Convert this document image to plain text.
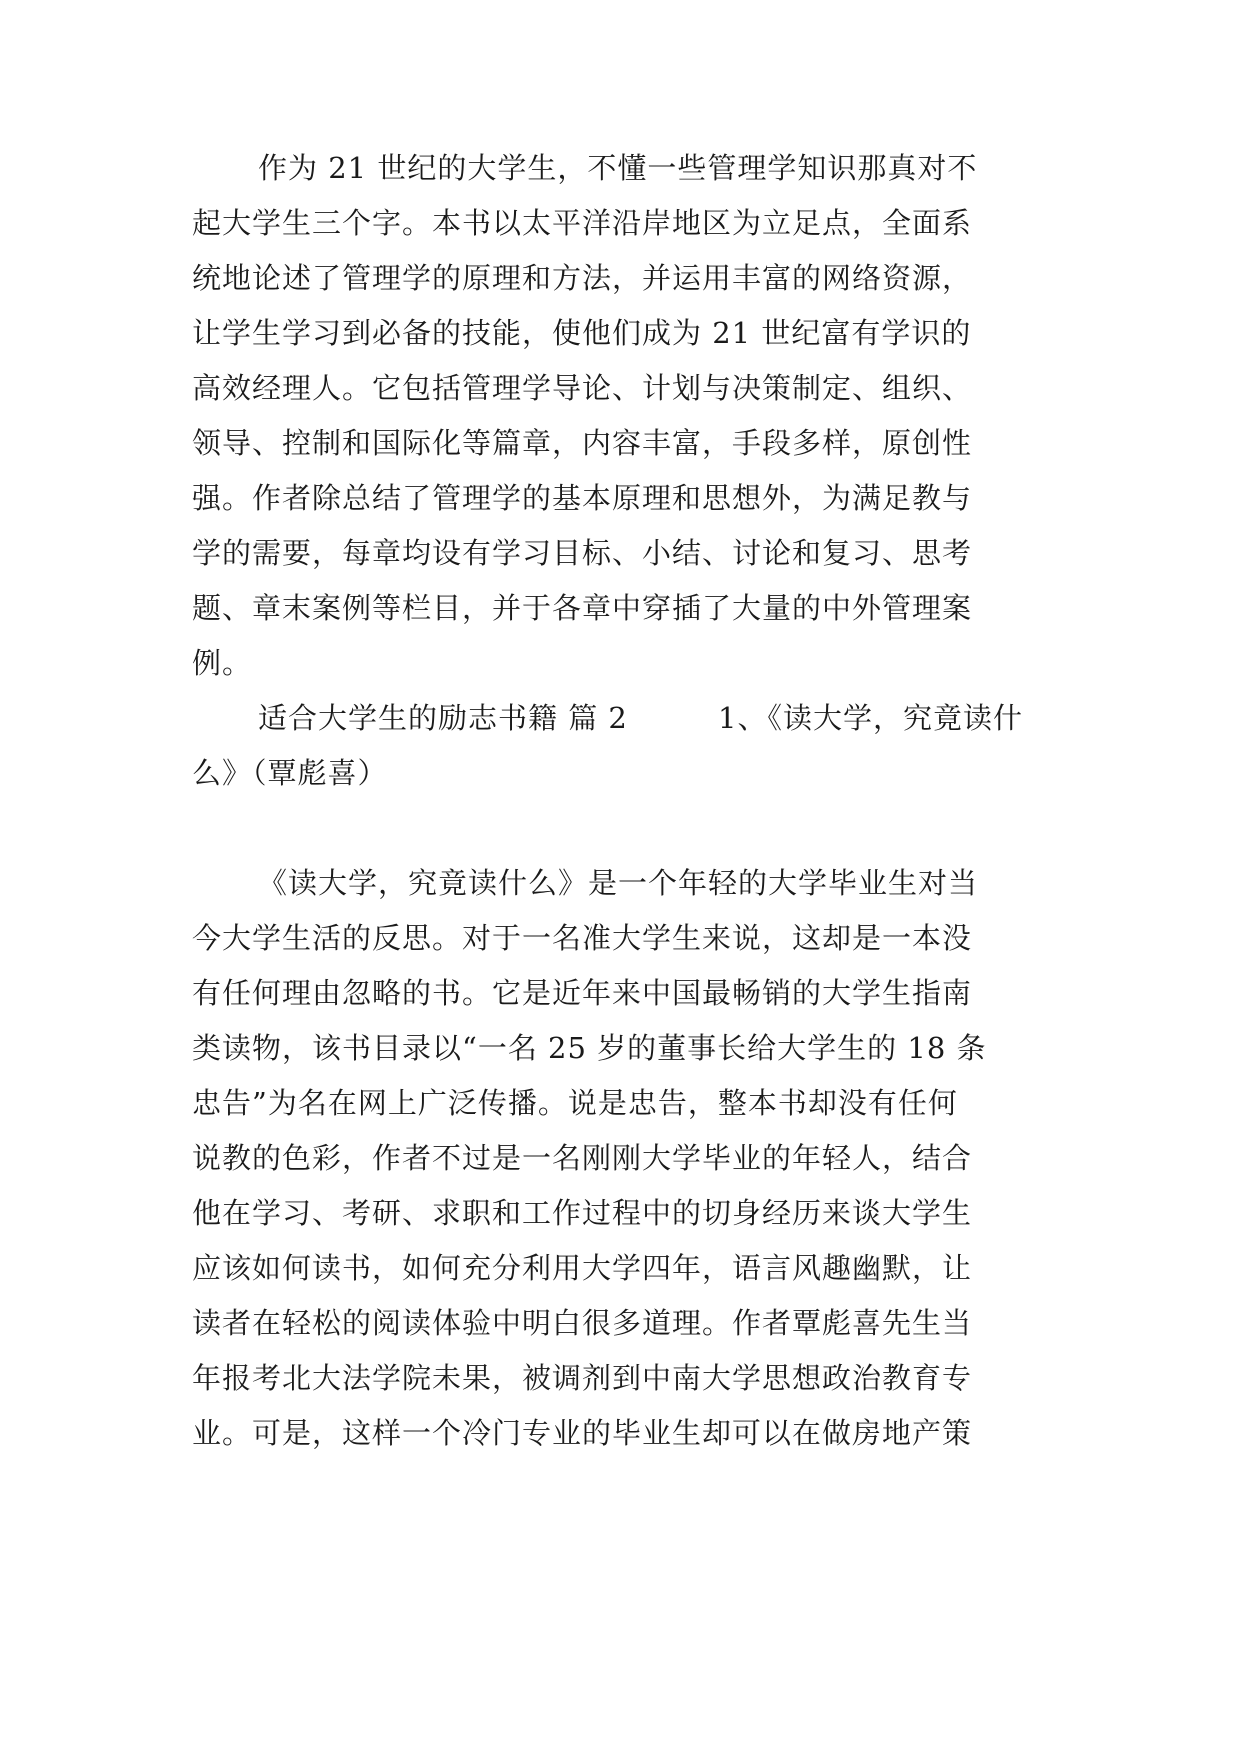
作为 21 世纪的大学生，不懂一些管理学知识那真对不
起大学生三个字。本书以太平洋沿岸地区为立足点，全面系
统地论述了管理学的原理和方法，并运用丰富的网络资源，
让学生学习到必备的技能，使他们成为 21 世纪富有学识的
高效经理人。它包括管理学导论、计划与决策制定、组织、
领导、控制和国际化等篇章，内容丰富，手段多样，原创性
强。作者除总结了管理学的基本原理和思想外，为满足教与
学的需要，每章均设有学习目标、小结、讨论和复习、思考
题、章末案例等栏目，并于各章中穿插了大量的中外管理案
例。
适合大学生的励志书籍 篇 2	1、《读大学，究竟读什
么》（覃彪喜）
《读大学，究竟读什么》是一个年轻的大学毕业生对当
今大学生活的反思。对于一名准大学生来说，这却是一本没
有任何理由忽略的书。它是近年来中国最畅销的大学生指南
类读物，该书目录以“一名 25 岁的董事长给大学生的 18 条
忠告”为名在网上广泛传播。说是忠告，整本书却没有任何
说教的色彩，作者不过是一名刚刚大学毕业的年轻人，结合
他在学习、考研、求职和工作过程中的切身经历来谈大学生
应该如何读书，如何充分利用大学四年，语言风趣幽默，让
读者在轻松的阅读体验中明白很多道理。作者覃彪喜先生当
年报考北大法学院未果，被调剂到中南大学思想政治教育专
业。可是，这样一个冷门专业的毕业生却可以在做房地产策
